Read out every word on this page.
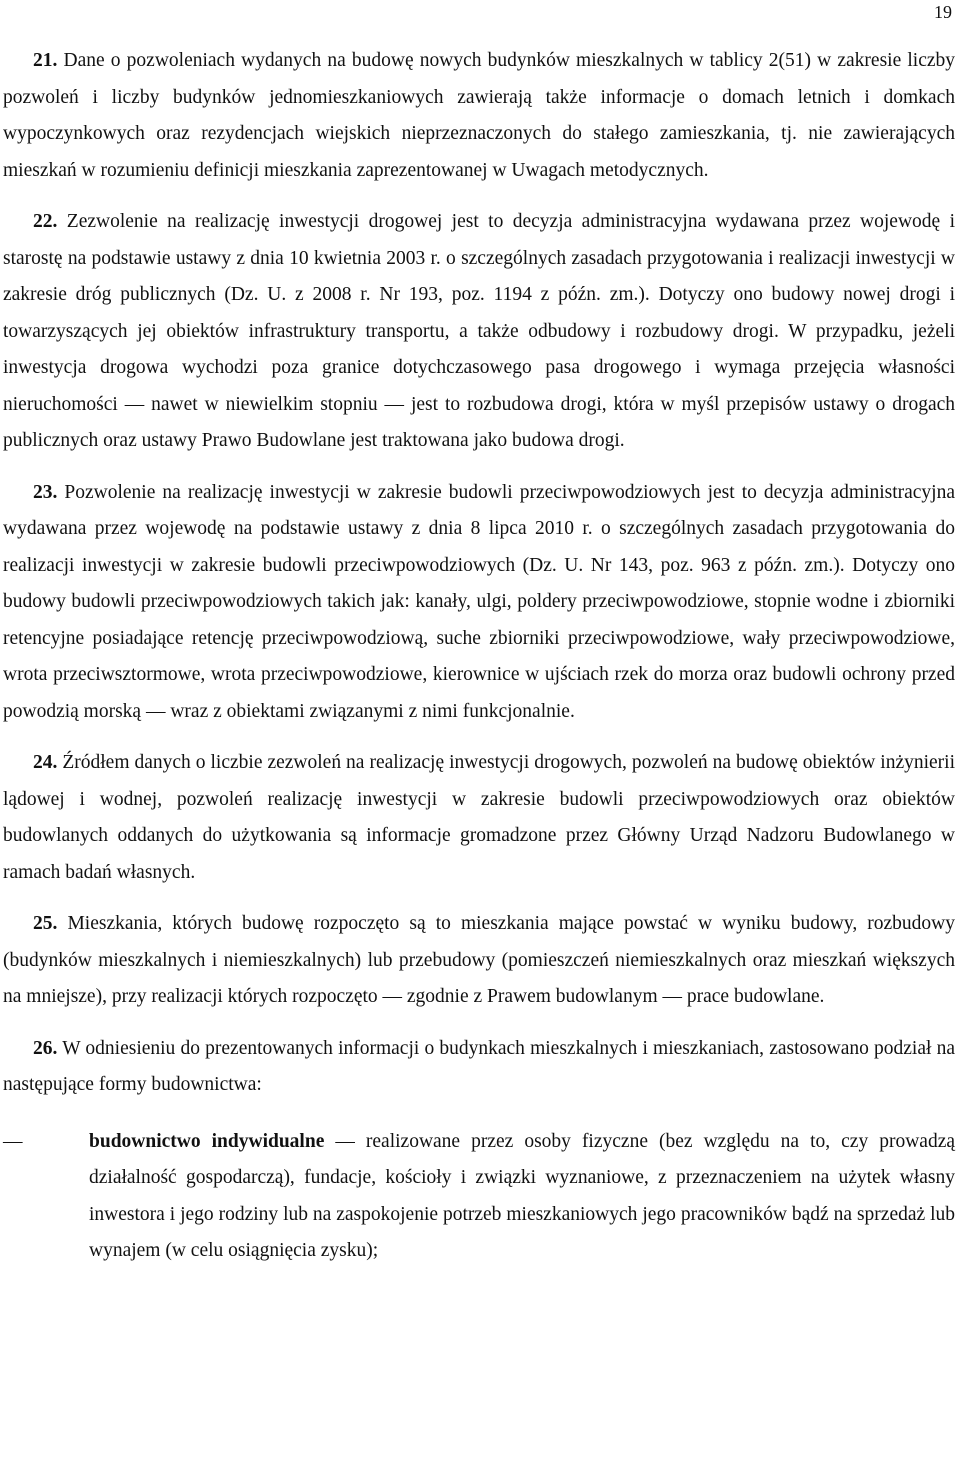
19

21. Dane o pozwoleniach wydanych na budowę nowych budynków mieszkalnych w tablicy 2(51) w zakresie liczby pozwoleń i liczby budynków jednomieszkaniowych zawierają także informacje o domach letnich i domkach wypoczynkowych oraz rezydencjach wiejskich nieprzeznaczonych do stałego zamieszkania, tj. nie zawierających mieszkań w rozumieniu definicji mieszkania zaprezentowanej w Uwagach metodycznych.

22. Zezwolenie na realizację inwestycji drogowej jest to decyzja administracyjna wydawana przez wojewodę i starostę na podstawie ustawy z dnia 10 kwietnia 2003 r. o szczególnych zasadach przygotowania i realizacji inwestycji w zakresie dróg publicznych (Dz. U. z 2008 r. Nr 193, poz. 1194 z późn. zm.). Dotyczy ono budowy nowej drogi i towarzyszących jej obiektów infrastruktury transportu, a także odbudowy i rozbudowy drogi. W przypadku, jeżeli inwestycja drogowa wychodzi poza granice dotychczasowego pasa drogowego i wymaga przejęcia własności nieruchomości — nawet w niewielkim stopniu — jest to rozbudowa drogi, która w myśl przepisów ustawy o drogach publicznych oraz ustawy Prawo Budowlane jest traktowana jako budowa drogi.

23. Pozwolenie na realizację inwestycji w zakresie budowli przeciwpowodziowych jest to decyzja administracyjna wydawana przez wojewodę na podstawie ustawy z dnia 8 lipca 2010 r. o szczególnych zasadach przygotowania do realizacji inwestycji w zakresie budowli przeciwpowodziowych (Dz. U. Nr 143, poz. 963 z późn. zm.). Dotyczy ono budowy budowli przeciwpowodziowych takich jak: kanały, ulgi, poldery przeciwpowodziowe, stopnie wodne i zbiorniki retencyjne posiadające retencję przeciwpowodziową, suche zbiorniki przeciwpowodziowe, wały przeciwpowodziowe, wrota przeciwsztormowe, wrota przeciwpowodziowe, kierownice w ujściach rzek do morza oraz budowli ochrony przed powodzią morską — wraz z obiektami związanymi z nimi funkcjonalnie.

24. Źródłem danych o liczbie zezwoleń na realizację inwestycji drogowych, pozwoleń na budowę obiektów inżynierii lądowej i wodnej, pozwoleń realizację inwestycji w zakresie budowli przeciwpowodziowych oraz obiektów budowlanych oddanych do użytkowania są informacje gromadzone przez Główny Urząd Nadzoru Budowlanego w ramach badań własnych.

25. Mieszkania, których budowę rozpoczęto są to mieszkania mające powstać w wyniku budowy, rozbudowy (budynków mieszkalnych i niemieszkalnych) lub przebudowy (pomieszczeń niemieszkalnych oraz mieszkań większych na mniejsze), przy realizacji których rozpoczęto — zgodnie z Prawem budowlanym — prace budowlane.

26. W odniesieniu do prezentowanych informacji o budynkach mieszkalnych i mieszkaniach, zastosowano podział na następujące formy budownictwa:

—	budownictwo indywidualne — realizowane przez osoby fizyczne (bez względu na to, czy prowadzą działalność gospodarczą), fundacje, kościoły i związki wyznaniowe, z przeznaczeniem na użytek własny inwestora i jego rodziny lub na zaspokojenie potrzeb mieszkaniowych jego pracowników bądź na sprzedaż lub wynajem (w celu osiągnięcia zysku);
